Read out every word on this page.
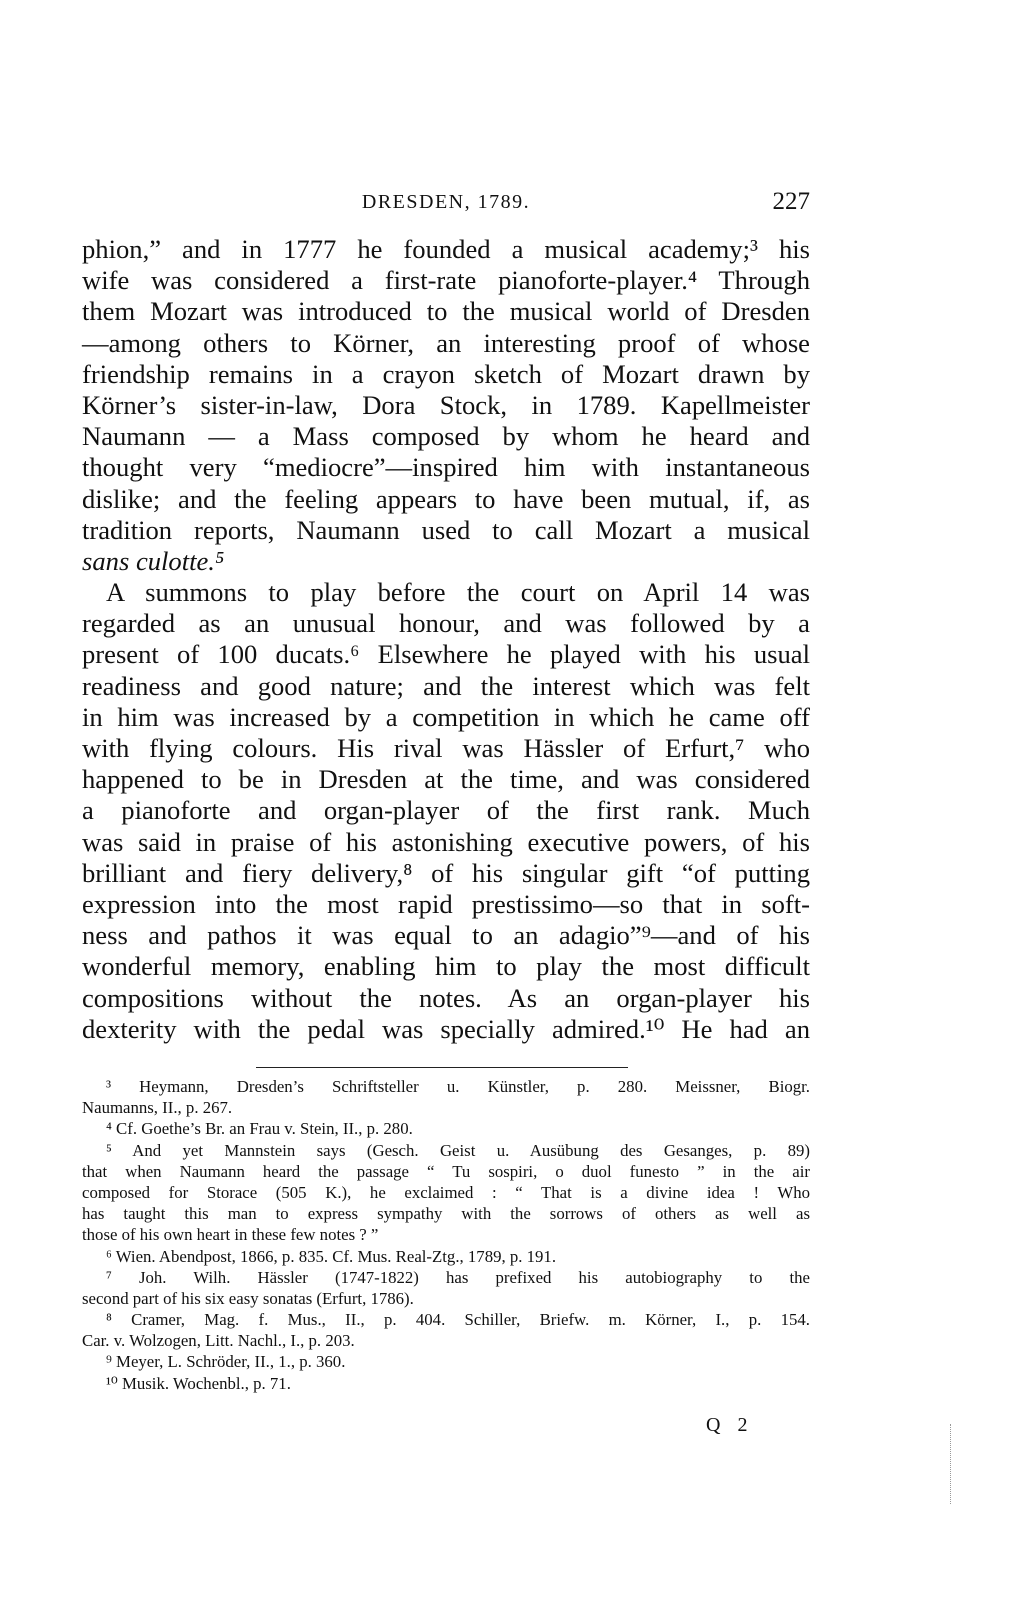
DRESDEN, 1789.	227
phion,” and in 1777 he founded a musical academy;³ his
wife was considered a first-rate pianoforte-player.⁴ Through
them Mozart was introduced to the musical world of Dresden
—among others to Körner, an interesting proof of whose
friendship remains in a crayon sketch of Mozart drawn by
Körner’s sister-in-law, Dora Stock, in 1789. Kapellmeister
Naumann — a Mass composed by whom he heard and
thought very “mediocre”—inspired him with instantaneous
dislike; and the feeling appears to have been mutual, if, as
tradition reports, Naumann used to call Mozart a musical
sans culotte.⁵
A summons to play before the court on April 14 was
regarded as an unusual honour, and was followed by a
present of 100 ducats.⁶ Elsewhere he played with his usual
readiness and good nature; and the interest which was felt
in him was increased by a competition in which he came off
with flying colours. His rival was Hässler of Erfurt,⁷ who
happened to be in Dresden at the time, and was considered
a pianoforte and organ-player of the first rank. Much
was said in praise of his astonishing executive powers, of his
brilliant and fiery delivery,⁸ of his singular gift “of putting
expression into the most rapid prestissimo—so that in soft-
ness and pathos it was equal to an adagio”⁹—and of his
wonderful memory, enabling him to play the most difficult
compositions without the notes. As an organ-player his
dexterity with the pedal was specially admired.¹⁰ He had an
³ Heymann, Dresden’s Schriftsteller u. Künstler, p. 280. Meissner, Biogr.
Naumanns, II., p. 267.
⁴ Cf. Goethe’s Br. an Frau v. Stein, II., p. 280.
⁵ And yet Mannstein says (Gesch. Geist u. Ausübung des Gesanges, p. 89)
that when Naumann heard the passage “ Tu sospiri, o duol funesto ” in the air
composed for Storace (505 K.), he exclaimed : “ That is a divine idea ! Who
has taught this man to express sympathy with the sorrows of others as well as
those of his own heart in these few notes ? ”
⁶ Wien. Abendpost, 1866, p. 835. Cf. Mus. Real-Ztg., 1789, p. 191.
⁷ Joh. Wilh. Hässler (1747-1822) has prefixed his autobiography to the
second part of his six easy sonatas (Erfurt, 1786).
⁸ Cramer, Mag. f. Mus., II., p. 404. Schiller, Briefw. m. Körner, I., p. 154.
Car. v. Wolzogen, Litt. Nachl., I., p. 203.
⁹ Meyer, L. Schröder, II., 1., p. 360.
¹⁰ Musik. Wochenbl., p. 71.
Q 2
